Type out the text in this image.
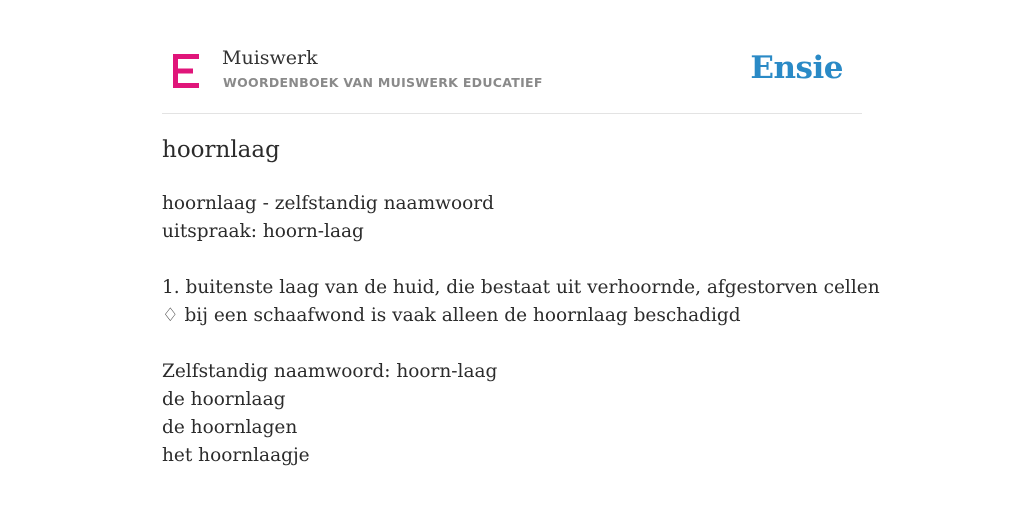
Muiswerk
WOORDENBOEK VAN MUISWERK EDUCATIEF	Ensie
hoornlaag
hoornlaag - zelfstandig naamwoord
uitspraak: hoorn-laag
1. buitenste laag van de huid, die bestaat uit verhoornde, afgestorven cellen
♢ bij een schaafwond is vaak alleen de hoornlaag beschadigd
Zelfstandig naamwoord: hoorn-laag
de hoornlaag
de hoornlagen
het hoornlaagje
